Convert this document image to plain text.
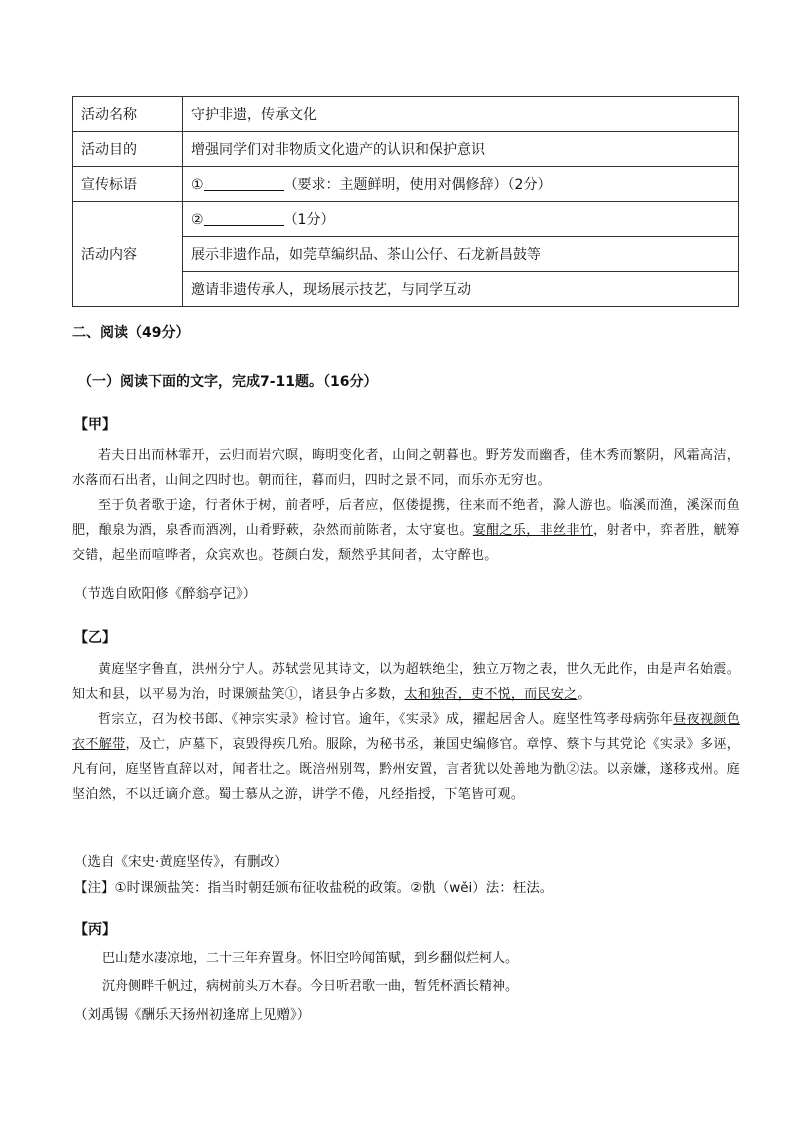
活动名称	守护非遗，传承文化
活动目的	增强同学们对非物质文化遗产的认识和保护意识
宣传标语	① （要求：主题鲜明，使用对偶修辞）（2分）
活动内容	② （1分）
	展示非遗作品，如莞草编织品、茶山公仔、石龙新昌鼓等
	邀请非遗传承人，现场展示技艺，与同学互动
二、阅读（49分）
（一）阅读下面的文字，完成7-11题。（16分）
【甲】

若夫日出而林霏开，云归而岩穴暝，晦明变化者，山间之朝暮也。野芳发而幽香，佳木秀而繁阴，风霜高洁，水落而石出者，山间之四时也。朝而往，暮而归，四时之景不同，而乐亦无穷也。

至于负者歌于途，行者休于树，前者呼，后者应，伛偻提携，往来而不绝者，滁人游也。临溪而渔，溪深而鱼肥，酿泉为酒，泉香而酒冽，山肴野蔌，杂然而前陈者，太守宴也。宴酣之乐，非丝非竹，射者中，弈者胜，觥筹交错，起坐而喧哗者，众宾欢也。苍颜白发，颓然乎其间者，太守醉也。

（节选自欧阳修《醉翁亭记》）
【乙】

黄庭坚字鲁直，洪州分宁人。苏轼尝见其诗文，以为超轶绝尘，独立万物之表，世久无此作，由是声名始震。知太和县，以平易为治，时课颁盐笑①，诸县争占多数，太和独否，吏不悦，而民安之。

哲宗立，召为校书郎、《神宗实录》检讨官。逾年，《实录》成，擢起居舍人。庭坚性笃孝母病弥年昼夜视颜色衣不解带，及亡，庐墓下，哀毁得疾几殆。服除，为秘书丞，兼国史编修官。章惇、蔡卞与其党论《实录》多诬，凡有问，庭坚皆直辞以对，闻者壮之。既涪州别驾，黔州安置，言者犹以处善地为骩②法。以亲嫌，遂移戎州。庭坚泊然，不以迁谪介意。蜀士慕从之游，讲学不倦，凡经指授，下笔皆可观。

（选自《宋史·黄庭坚传》，有删改）
【注】①时课颁盐笑：指当时朝廷颁布征收盐税的政策。②骩（wěi）法：枉法。
【丙】
巴山楚水凄凉地，二十三年弃置身。怀旧空吟闻笛赋，到乡翻似烂柯人。
沉舟侧畔千帆过，病树前头万木春。今日听君歌一曲，暂凭杯酒长精神。
（刘禹锡《酬乐天扬州初逢席上见赠》）
